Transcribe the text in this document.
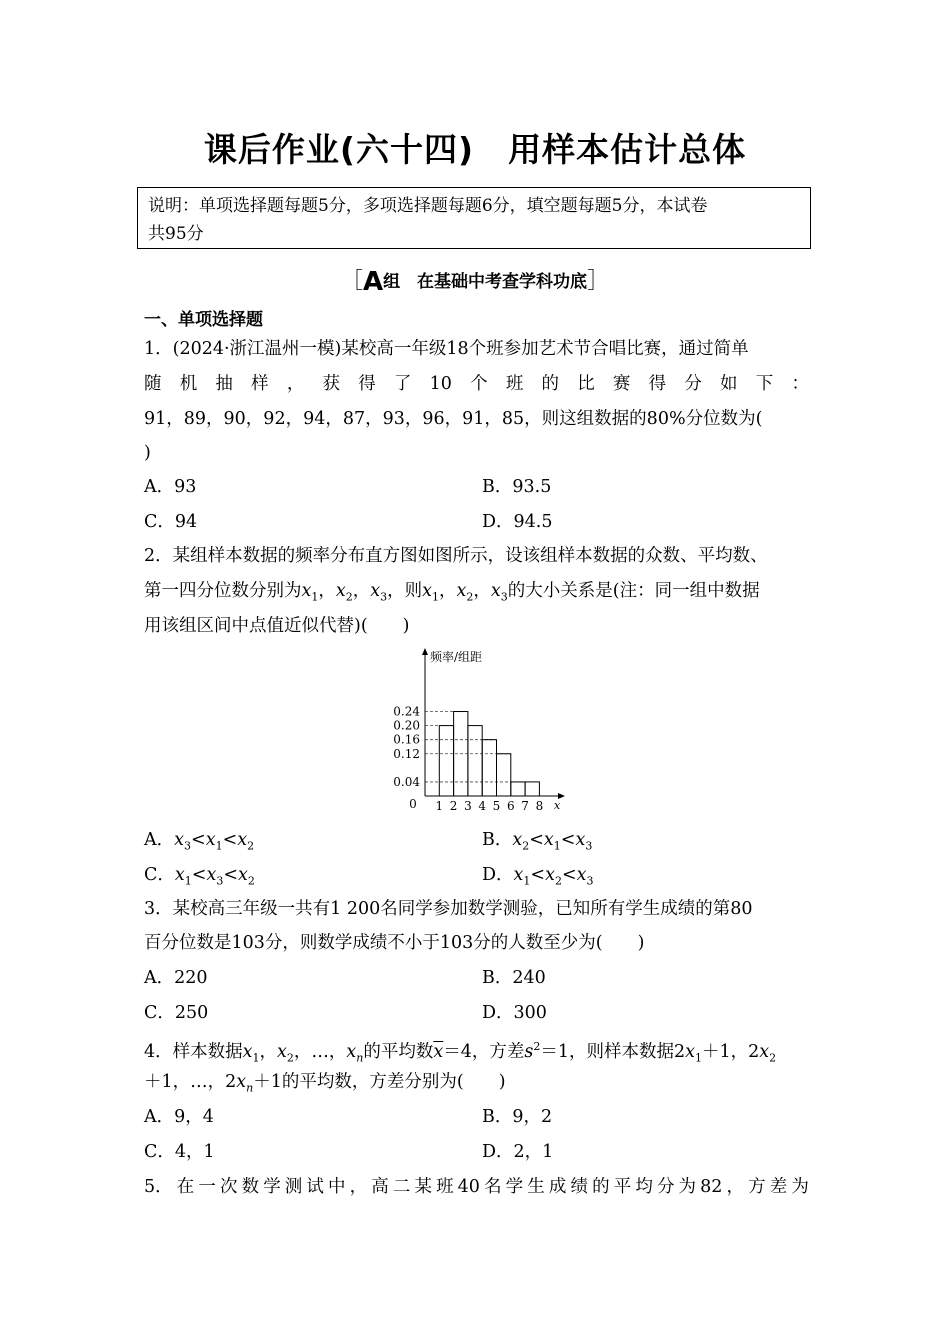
课后作业(六十四)　用样本估计总体
说明：单项选择题每题5分，多项选择题每题6分，填空题每题5分，本试卷
共95分
［A组　在基础中考查学科功底］
一、单项选择题
1．(2024·浙江温州一模)某校高一年级18个班参加艺术节合唱比赛，通过简单
随 机 抽 样 ， 获 得 了 10 个 班 的 比 赛 得 分 如 下 ：
91，89，90，92，94，87，93，96，91，85，则这组数据的80%分位数为(
)
A．93	B．93.5
C．94	D．94.5
2．某组样本数据的频率分布直方图如图所示，设该组样本数据的众数、平均数、
第一四分位数分别为$x_1$，$x_2$，$x_3$，则$x_1$，$x_2$，$x_3$的大小关系是(注：同一组中数据
用该组区间中点值近似代替)(　　)
0.24
0.20
0.16
0.12
0.04
1 2 3 4 5 6 7 8
0	x
频率/组距
A．$x_3<x_1<x_2$	B．$x_2<x_1<x_3$
C．$x_1<x_3<x_2$	D．$x_1<x_2<x_3$
3．某校高三年级一共有1 200名同学参加数学测验，已知所有学生成绩的第80
百分位数是103分，则数学成绩不小于103分的人数至少为(　　)
A．220	B．240
C．250	D．300
4．样本数据$x_1$，$x_2$，…，$x_n$的平均数$\overline{x}=4$，方差$s^2=1$，则样本数据$2x_1+1$，$2x_2$
＋1，…，$2x_n+1$的平均数，方差分别为(　　)
A．9，4	B．9，2
C．4，1	D．2，1
5． 在 一 次 数 学 测 试 中 ， 高 二 某 班 40 名 学 生 成 绩 的 平 均 分 为 82 ， 方 差 为
